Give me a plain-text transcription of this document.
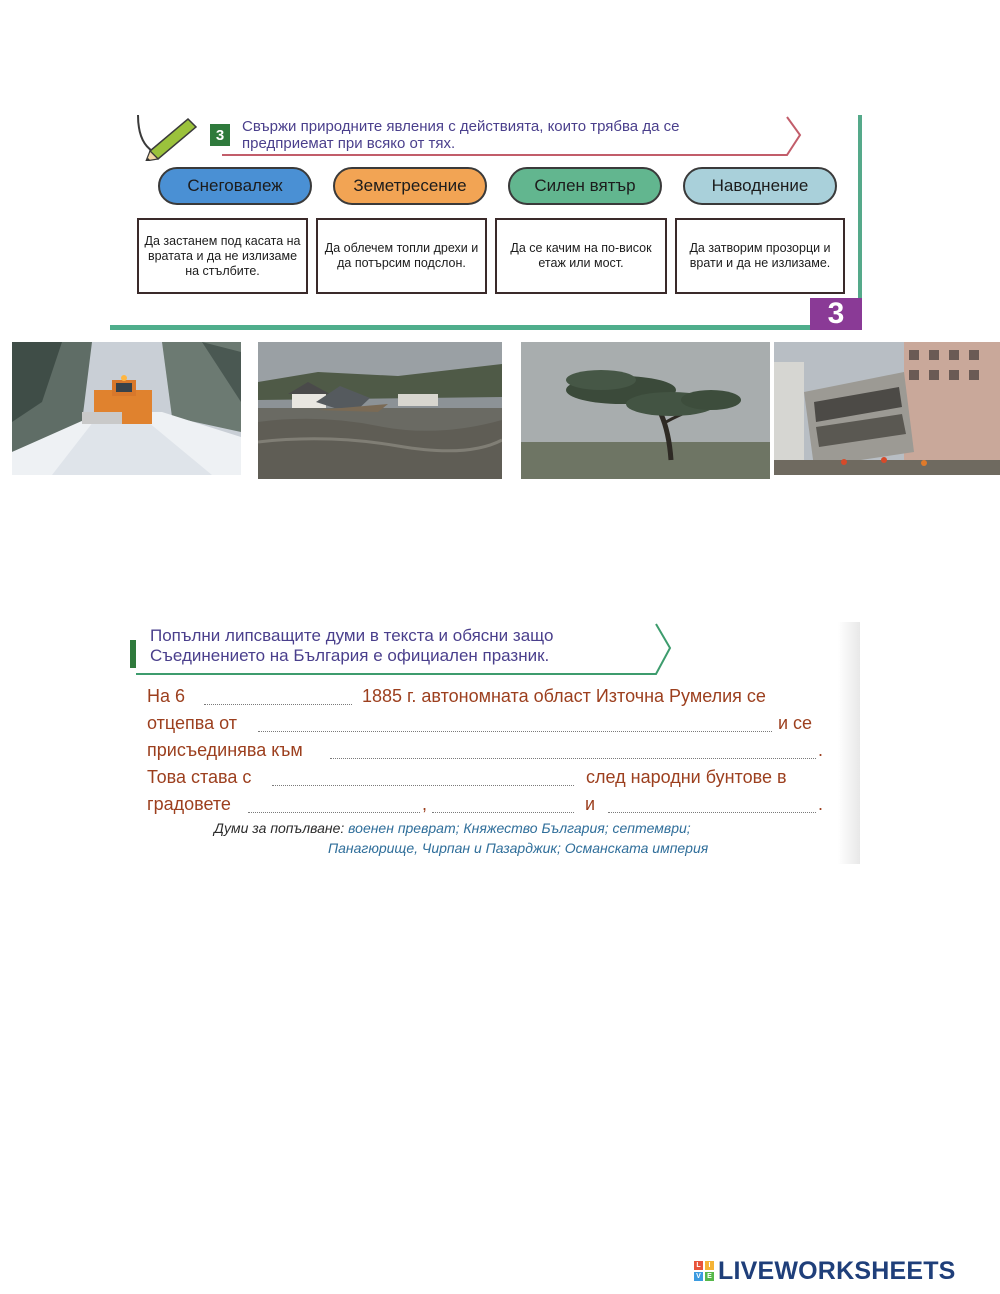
3	Свържи природните явления с действията, които трябва да се предприемат при всяко от тях.
Снеговалеж	Земетресение	Силен вятър	Наводнение
Да застанем под касата на вратата и да не излизаме на стълбите.
Да облечем топли дрехи и да потърсим подслон.
Да се качим на по-висок етаж или мост.
Да затворим прозорци и врати и да не излизаме.
3
Попълни липсващите думи в текста и обясни защо
Съединението на България е официален празник.
На 6	1885 г. автономната област Източна Румелия се
отцепва от	и се
присъединява към	.
Това става с	след народни бунтове в
градовете	,	и	.
Думи за попълване: военен преврат; Княжество България; септември;
Панагюрище, Чирпан и Пазарджик; Османската империя
L	I
V E LIVEWORKSHEETS
